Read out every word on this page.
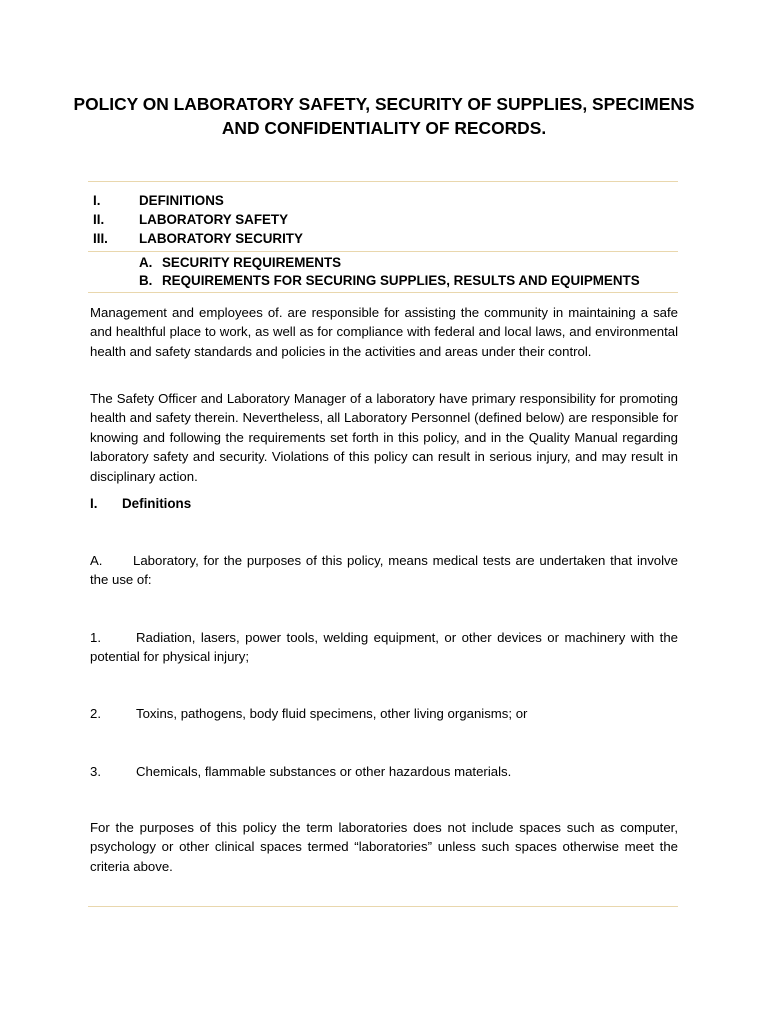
POLICY ON LABORATORY SAFETY, SECURITY OF SUPPLIES, SPECIMENS
AND CONFIDENTIALITY OF RECORDS.
I.	DEFINITIONS
II.	LABORATORY SAFETY
III. LABORATORY SECURITY
A. SECURITY REQUIREMENTS
B. REQUIREMENTS FOR SECURING SUPPLIES, RESULTS AND EQUIPMENTS
Management and employees of. are responsible for assisting the community in maintaining a safe and healthful place to work, as well as for compliance with federal and local laws, and environmental health and safety standards and policies in the activities and areas under their control.
The Safety Officer and Laboratory Manager of a laboratory have primary responsibility for promoting health and safety therein. Nevertheless, all Laboratory Personnel (defined below) are responsible for knowing and following the requirements set forth in this policy, and in the Quality Manual regarding laboratory safety and security. Violations of this policy can result in serious injury, and may result in disciplinary action.
I. Definitions
A. Laboratory, for the purposes of this policy, means medical tests are undertaken that involve the use of:
1.	Radiation, lasers, power tools, welding equipment, or other devices or machinery with the potential for physical injury;
2.	Toxins, pathogens, body fluid specimens, other living organisms; or
3.	Chemicals, flammable substances or other hazardous materials.
For the purposes of this policy the term laboratories does not include spaces such as computer, psychology or other clinical spaces termed “laboratories” unless such spaces otherwise meet the criteria above.
